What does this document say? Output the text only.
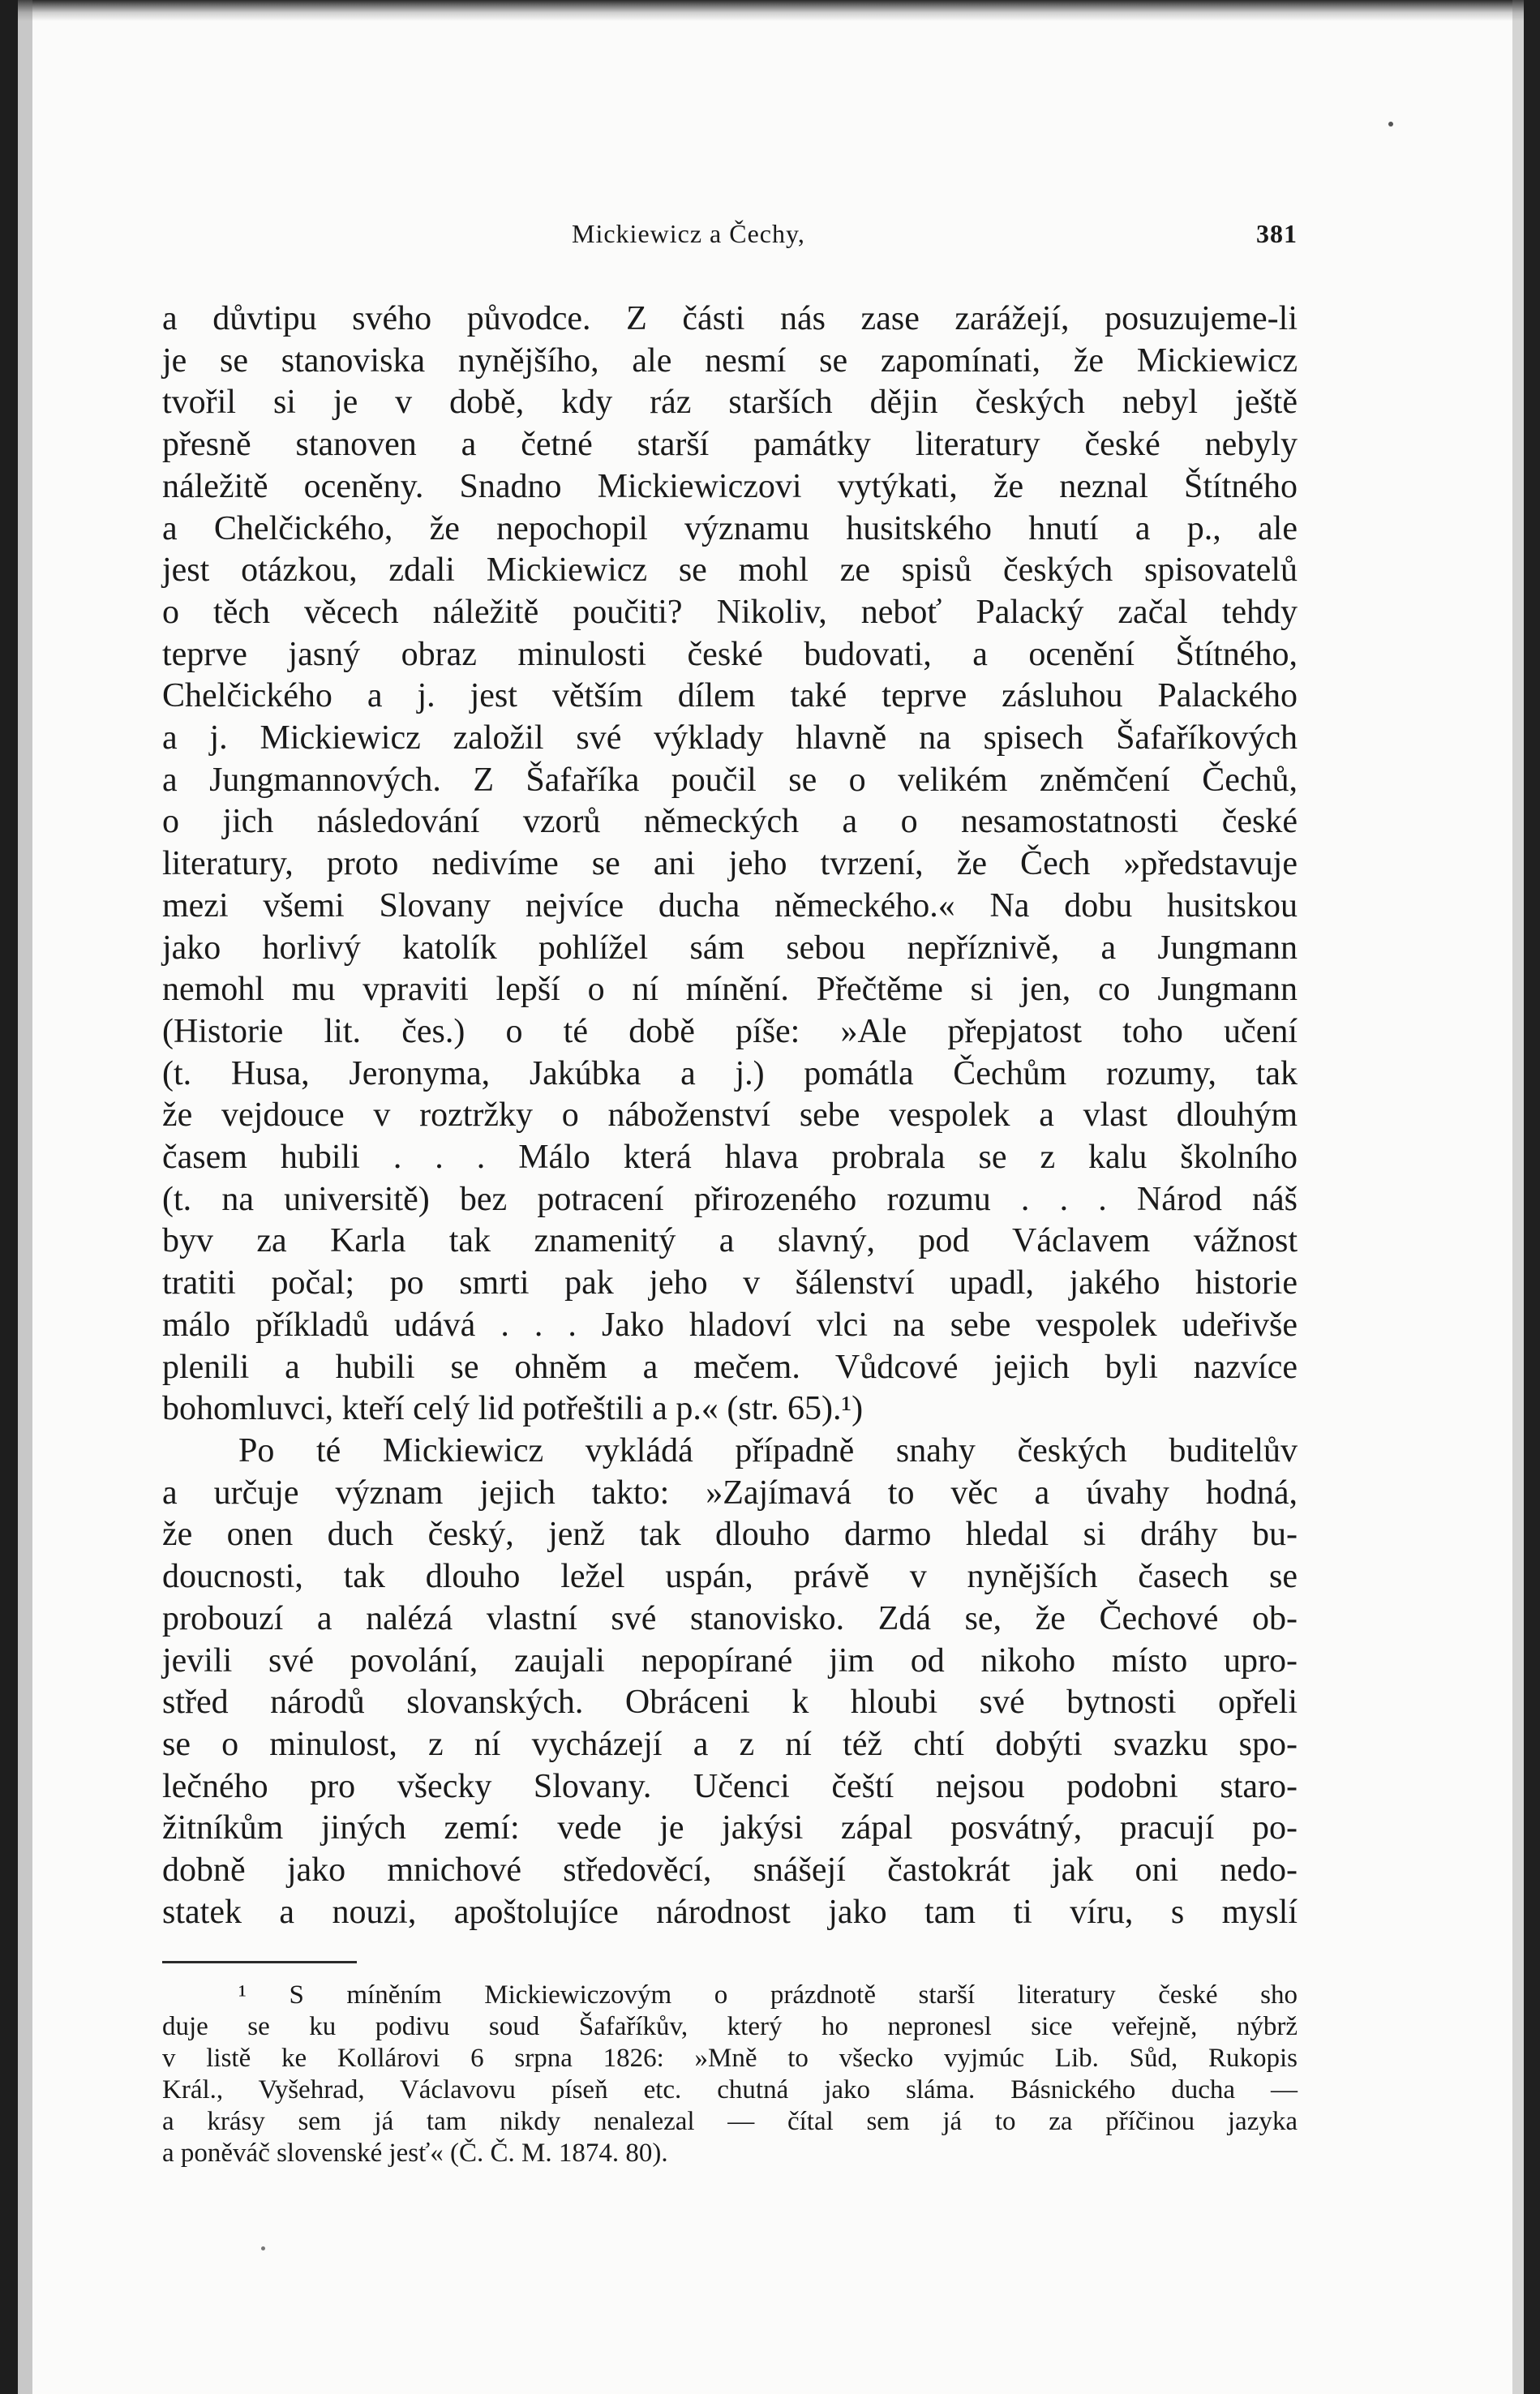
Mickiewicz a Čechy,	381
a důvtipu svého původce. Z části nás zase zarážejí, posuzujeme-li
je se stanoviska nynějšího, ale nesmí se zapomínati, že Mickiewicz
tvořil si je v době, kdy ráz starších dějin českých nebyl ještě
přesně stanoven a četné starší památky literatury české nebyly
náležitě oceněny. Snadno Mickiewiczovi vytýkati, že neznal Štítného
a Chelčického, že nepochopil významu husitského hnutí a p., ale
jest otázkou, zdali Mickiewicz se mohl ze spisů českých spisovatelů
o těch věcech náležitě poučiti? Nikoliv, neboť Palacký začal tehdy
teprve jasný obraz minulosti české budovati, a ocenění Štítného,
Chelčického a j. jest větším dílem také teprve zásluhou Palackého
a j. Mickiewicz založil své výklady hlavně na spisech Šafaříkových
a Jungmannových. Z Šafaříka poučil se o velikém zněmčení Čechů,
o jich následování vzorů německých a o nesamostatnosti české
literatury, proto nedivíme se ani jeho tvrzení, že Čech »představuje
mezi všemi Slovany nejvíce ducha německého.« Na dobu husitskou
jako horlivý katolík pohlížel sám sebou nepříznivě, a Jungmann
nemohl mu vpraviti lepší o ní mínění. Přečtěme si jen, co Jungmann
(Historie lit. čes.) o té době píše: »Ale přepjatost toho učení
(t. Husa, Jeronyma, Jakúbka a j.) pomátla Čechům rozumy, tak
že vejdouce v roztržky o náboženství sebe vespolek a vlast dlouhým
časem hubili . . . Málo která hlava probrala se z kalu školního
(t. na universitě) bez potracení přirozeného rozumu . . . Národ náš
byv za Karla tak znamenitý a slavný, pod Václavem vážnost
tratiti počal; po smrti pak jeho v šálenství upadl, jakého historie
málo příkladů udává . . . Jako hladoví vlci na sebe vespolek udeřivše
plenili a hubili se ohněm a mečem. Vůdcové jejich byli nazvíce
bohomluvci, kteří celý lid potřeštili a p.« (str. 65).¹)
Po té Mickiewicz vykládá případně snahy českých buditelův
a určuje význam jejich takto: »Zajímavá to věc a úvahy hodná,
že onen duch český, jenž tak dlouho darmo hledal si dráhy bu-
doucnosti, tak dlouho ležel uspán, právě v nynějších časech se
probouzí a nalézá vlastní své stanovisko. Zdá se, že Čechové ob-
jevili své povolání, zaujali nepopírané jim od nikoho místo upro-
střed národů slovanských. Obráceni k hloubi své bytnosti opřeli
se o minulost, z ní vycházejí a z ní též chtí dobýti svazku spo-
lečného pro všecky Slovany. Učenci čeští nejsou podobni staro-
žitníkům jiných zemí: vede je jakýsi zápal posvátný, pracují po-
dobně jako mnichové středověcí, snášejí častokrát jak oni nedo-
statek a nouzi, apoštolujíce národnost jako tam ti víru, s myslí
¹ S míněním Mickiewiczovým o prázdnotě starší literatury české sho
duje se ku podivu soud Šafaříkův, který ho nepronesl sice veřejně, nýbrž
v listě ke Kollárovi 6 srpna 1826: »Mně to všecko vyjmúc Lib. Sůd, Rukopis
Král., Vyšehrad, Václavovu píseň etc. chutná jako sláma. Básnického ducha —
a krásy sem já tam nikdy nenalezal — čítal sem já to za příčinou jazyka
a poněváč slovenské jesť« (Č. Č. M. 1874. 80).
